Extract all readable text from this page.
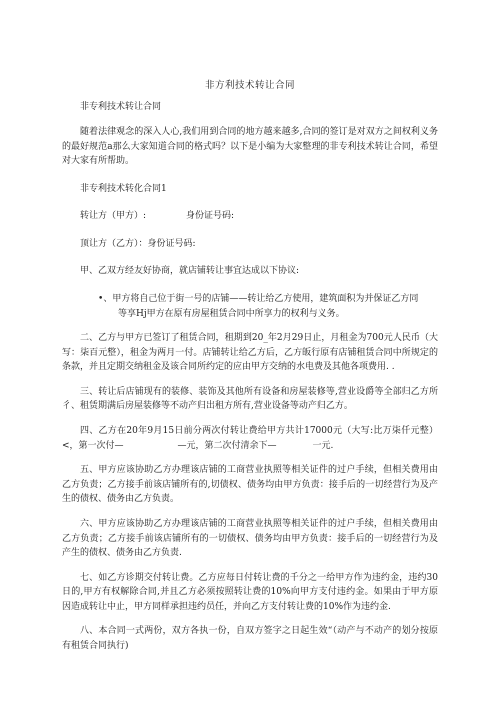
非方利技术转让合同

非专利技术转让合同

随着法律观念的深入人心,我们用到合同的地方越来越多,合同的签订是对双方之间权利义务的最好规范a那么大家知道合同的格式吗？以下是小编为大家整理的非专利技术转让合同，希望对大家有所帮助。

非专利技术转化合同1

转让方（甲方）:	身份证号码:

顶让方（乙方）：身份证号码:

甲、乙双方经友好协商，就店铺转让事宜达成以下协议:

•、甲方将自己位于街一号的店铺——转让给乙方使用，建筑面积为并保证乙方同
等享Hj甲方在原有房屋租赁合同中所享力的权利与义务。

二、乙方与甲方已签订了租赁合同，租期到20_年2月29日止，月租金为700元人民币（大写：柒百元整），租金为两月一付。店铺转让给乙方后，乙方皈行原有店铺租赁合同中所规定的条款，并且定期交纳租金及该合同所约定的应由甲方交纳的水电费及其他各项费用. .

三、转让后店铺现有的装修、装饰及其他所有设备和房屋装修等,营业设爵等全部归乙方所彳、租赁期满后房屋装修等不动产归出租方所有,营业设备等动产归乙方。

四、乙方在20年9月15日前分两次付转让费给甲方共计17000元（大写:比万柒仟元整）<，第一次付—　　　　　　—元，第二次付清余下—　　　　一元.

五、甲方应该协助乙方办理该店铺的工商营业执照等相关证件的过户手续，但相关费用由乙方负责；乙方接手前该店铺所有的,切债权、债务均由甲方负责：接手后的一切经营行为及产生的债权、债务由乙方负责。

六、甲方应该协助乙方办理该店铺的工商营业执照等相关证件的过户手续，但相关费用由乙方负责；乙方接手前该店铺所有的一切债权、债务均由甲方负责：接手后的一切经营行为及产生的债权、债务由乙方负责.

七、如乙方诊期交付转让费。乙方应每日付转让费的千分之一给甲方作为违约金，违约30日的,甲方有权解除合同,并且乙方必须按照转让费的10%向甲方支付违约金。如果由于甲方原因造成转让中止，甲方同样承担违约员任，并向乙方支付转让费的10%作为违约金.

八、本合同一式两份，双方各执一份，自双方签字之日起生效“（动产与不动产的划分按原有租赁合同执行)
